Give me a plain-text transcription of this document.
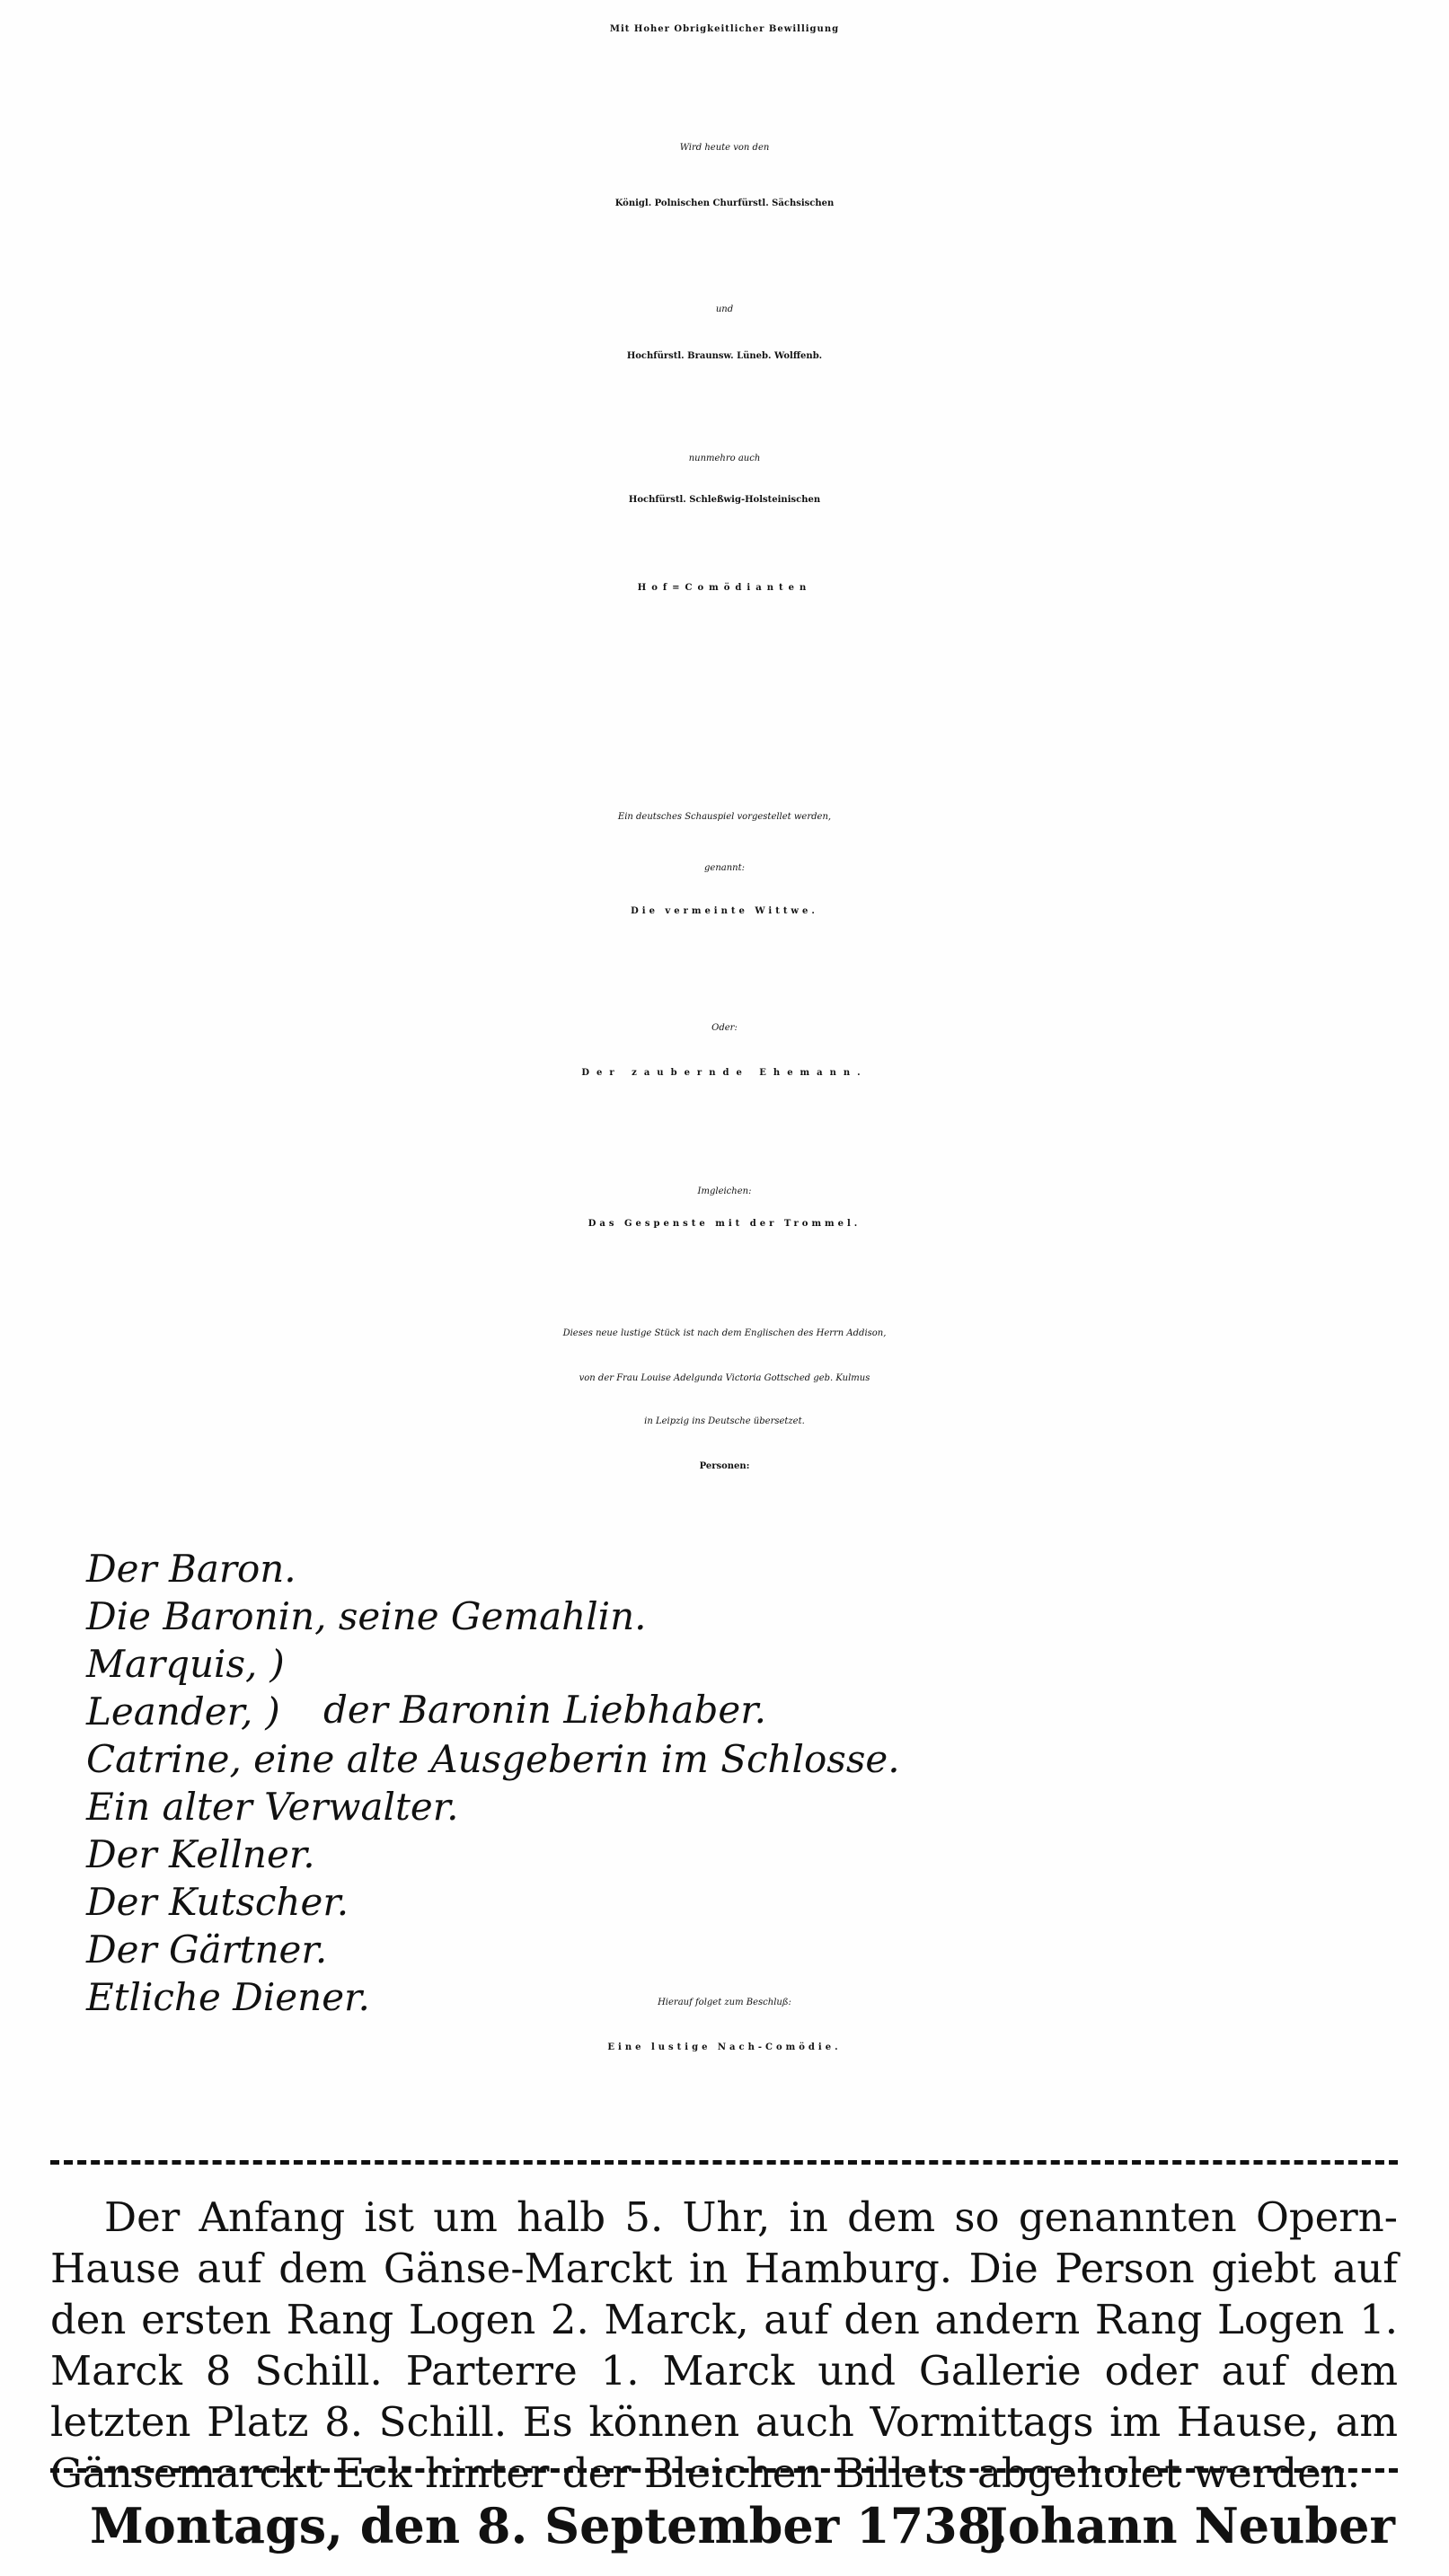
Mit Hoher Obrigkeitlicher Bewilligung
Wird heute von den
Königl. Polnischen Churfürstl. Sächsischen
und
Hochfürstl. Braunsw. Lüneb. Wolffenb.
nunmehro auch
Hochfürstl. Schleßwig-Holsteinischen
Hof=Comödianten
Ein deutsches Schauspiel vorgestellet werden,
genannt:
Die vermeinte Wittwe.
Oder:
Der zaubernde Ehemann.
Imgleichen:
Das Gespenste mit der Trommel.
Dieses neue lustige Stück ist nach dem Englischen des Herrn Addison,
von der Frau Louise Adelgunda Victoria Gottsched geb. Kulmus
in Leipzig ins Deutsche übersetzet.
Personen:
Der Baron.
Die Baronin, seine Gemahlin.
Marquis, )
Leander, )
Catrine, eine alte Ausgeberin im Schlosse.
Ein alter Verwalter.
Der Kellner.
Der Kutscher.
Der Gärtner.
Etliche Diener.
der Baronin Liebhaber.
Hierauf folget zum Beschluß:
Eine lustige Nach-Comödie.
Der Anfang ist um halb 5. Uhr, in dem so genannten Opern-Hause auf dem Gänse-Marckt in Hamburg. Die Person giebt auf den ersten Rang Logen 2. Marck, auf den andern Rang Logen 1. Marck 8 Schill. Parterre 1. Marck und Gallerie oder auf dem letzten Platz 8. Schill. Es können auch Vormittags im Hause, am Gänsemarckt Eck hinter der Bleichen Billets abgeholet werden.
Montags, den 8. September 1738.
Johann Neuber
